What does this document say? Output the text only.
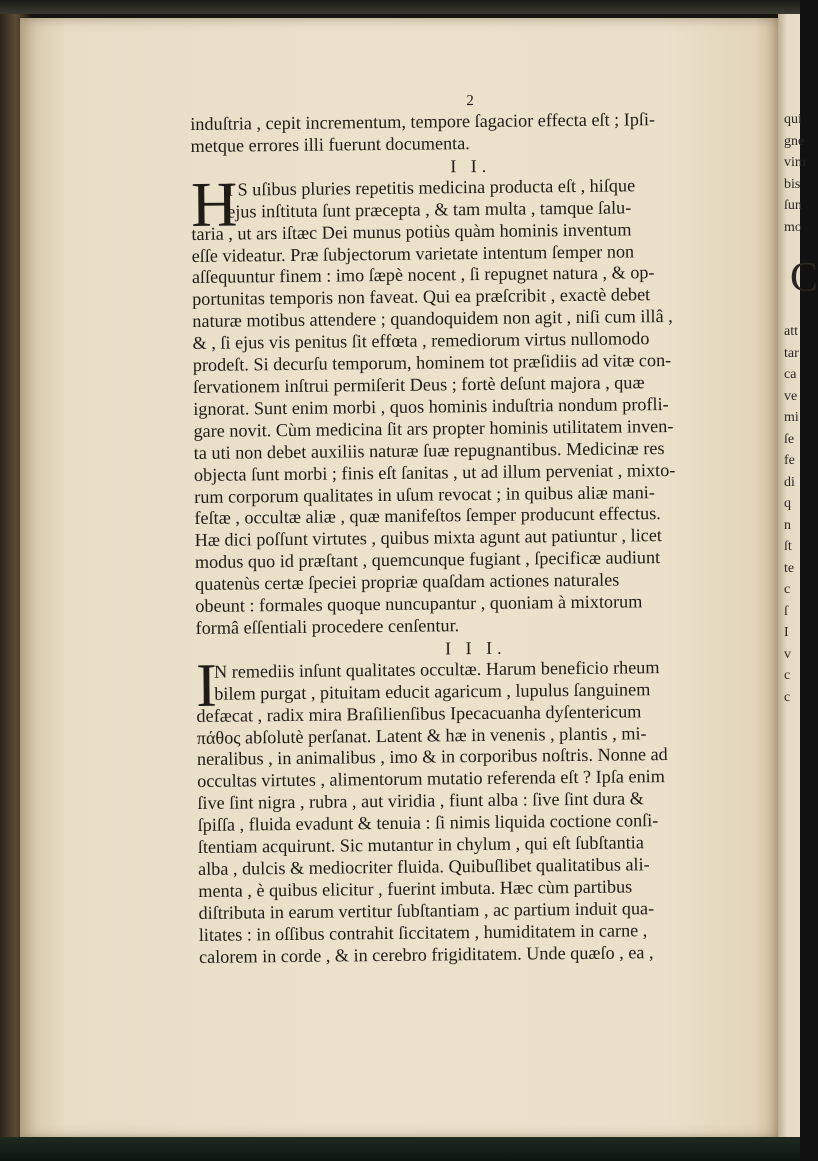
2
induſtria , cepit incrementum, tempore ſagacior effecta eſt ; Ipſi-
metque errores illi fuerunt documenta.
I I.
H
I S uſibus pluries repetitis medicina producta eſt , hiſque
ejus inſtituta ſunt præcepta , & tam multa , tamque ſalu-
taria , ut ars iſtæc Dei munus potiùs quàm hominis inventum
eſſe videatur. Præ ſubjectorum varietate intentum ſemper non
aſſequuntur finem : imo ſæpè nocent , ſi repugnet natura , & op-
portunitas temporis non faveat. Qui ea præſcribit , exactè debet
naturæ motibus attendere ; quandoquidem non agit , niſi cum illâ ,
& , ſi ejus vis penitus ſit effœta , remediorum virtus nullomodo
prodeſt. Si decurſu temporum, hominem tot præſidiis ad vitæ con-
ſervationem inſtrui permiſerit Deus ; fortè deſunt majora , quæ
ignorat. Sunt enim morbi , quos hominis induſtria nondum profli-
gare novit. Cùm medicina ſit ars propter hominis utilitatem inven-
ta uti non debet auxiliis naturæ ſuæ repugnantibus. Medicinæ res
objecta ſunt morbi ; finis eſt ſanitas , ut ad illum perveniat , mixto-
rum corporum qualitates in uſum revocat ; in quibus aliæ mani-
feſtæ , occultæ aliæ , quæ manifeſtos ſemper producunt effectus.
Hæ dici poſſunt virtutes , quibus mixta agunt aut patiuntur , licet
modus quo id præſtant , quemcunque fugiant , ſpecificæ audiunt
quatenùs certæ ſpeciei propriæ quaſdam actiones naturales
obeunt : formales quoque nuncupantur , quoniam à mixtorum
formâ eſſentiali procedere cenſentur.
I I I.
I
N remediis inſunt qualitates occultæ. Harum beneficio rheum
bilem purgat , pituitam educit agaricum , lupulus ſanguinem
defæcat , radix mira Braſilienſibus Ipecacuanha dyſentericum
πάθος abſolutè perſanat. Latent & hæ in venenis , plantis , mi-
neralibus , in animalibus , imo & in corporibus noſtris. Nonne ad
occultas virtutes , alimentorum mutatio referenda eſt ? Ipſa enim
ſive ſint nigra , rubra , aut viridia , fiunt alba : ſive ſint dura &
ſpiſſa , fluida evadunt & tenuia : ſi nimis liquida coctione conſi-
ſtentiam acquirunt. Sic mutantur in chylum , qui eſt ſubſtantia
alba , dulcis & mediocriter fluida. Quibuſlibet qualitatibus ali-
menta , è quibus elicitur , fuerint imbuta. Hæc cùm partibus
diſtributa in earum vertitur ſubſtantiam , ac partium induit qua-
litates : in oſſibus contrahit ſiccitatem , humiditatem in carne ,
calorem in corde , & in cerebro frigiditatem. Unde quæſo , ea ,
C
qui
gne
vim
bis
ſun
mo
att
tar
ca
ve
mi
ſe
fe
di
q
n
ſt
te
c
ſ
I
v
c
c
